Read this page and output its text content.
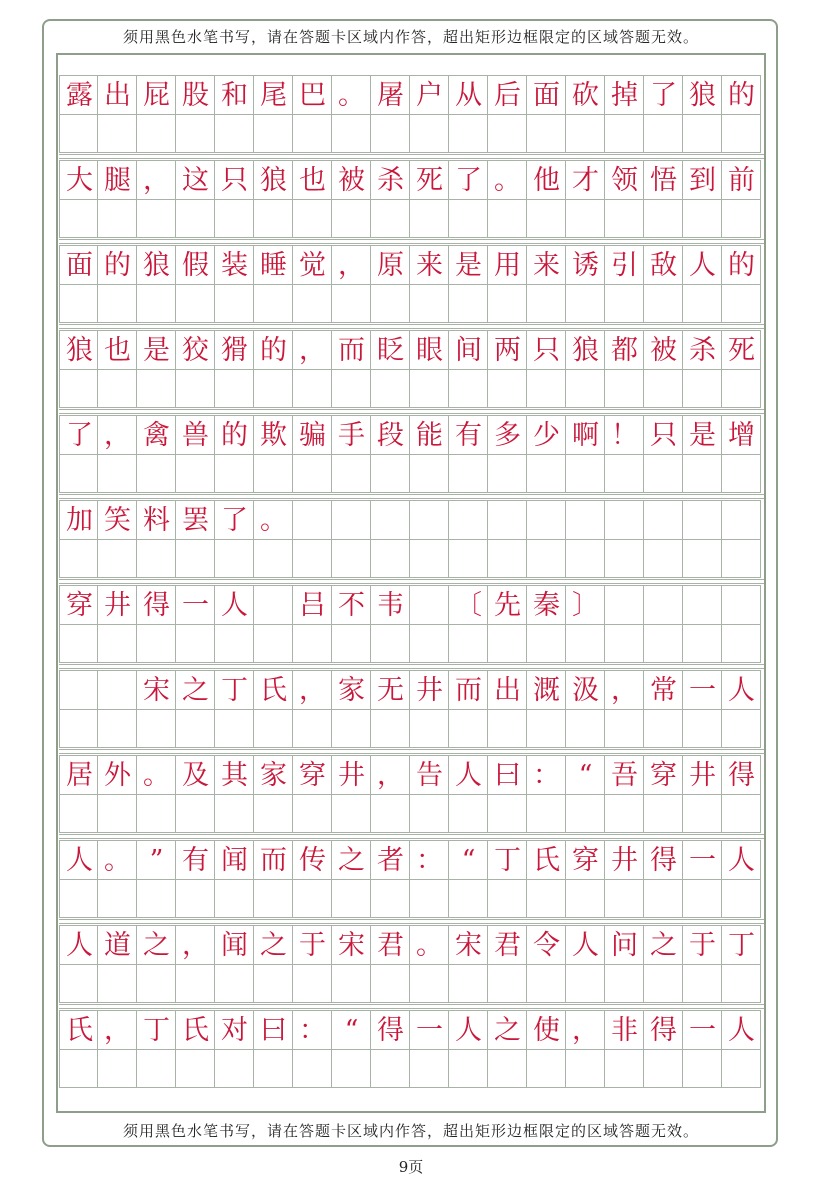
须用黑色水笔书写，请在答题卡区域内作答，超出矩形边框限定的区域答题无效。
露 出 屁 股 和 尾 巴 。 屠 户 从 后 面 砍 掉 了 狼 的
大 腿 ， 这 只 狼 也 被 杀 死 了 。 他 才 领 悟 到 前
面 的 狼 假 装 睡 觉 ， 原 来 是 用 来 诱 引 敌 人 的
狼 也 是 狡 猾 的 ， 而 眨 眼 间 两 只 狼 都 被 杀 死
了 ， 禽 兽 的 欺 骗 手 段 能 有 多 少 啊 ！ 只 是 增
加 笑 料 罢 了 。
穿 井 得 一 人 吕 不 韦 〔 先 秦 〕
宋 之 丁 氏 ， 家 无 井 而 出 溉 汲 ， 常 一 人
居 外 。 及 其 家 穿 井 ， 告 人 曰 ： “ 吾 穿 井 得
人 。 ” 有 闻 而 传 之 者 ： “ 丁 氏 穿 井 得 一 人
人 道 之 ， 闻 之 于 宋 君 。 宋 君 令 人 问 之 于 丁
氏 ， 丁 氏 对 曰 ： “ 得 一 人 之 使 ， 非 得 一 人
须用黑色水笔书写，请在答题卡区域内作答，超出矩形边框限定的区域答题无效。
9页
